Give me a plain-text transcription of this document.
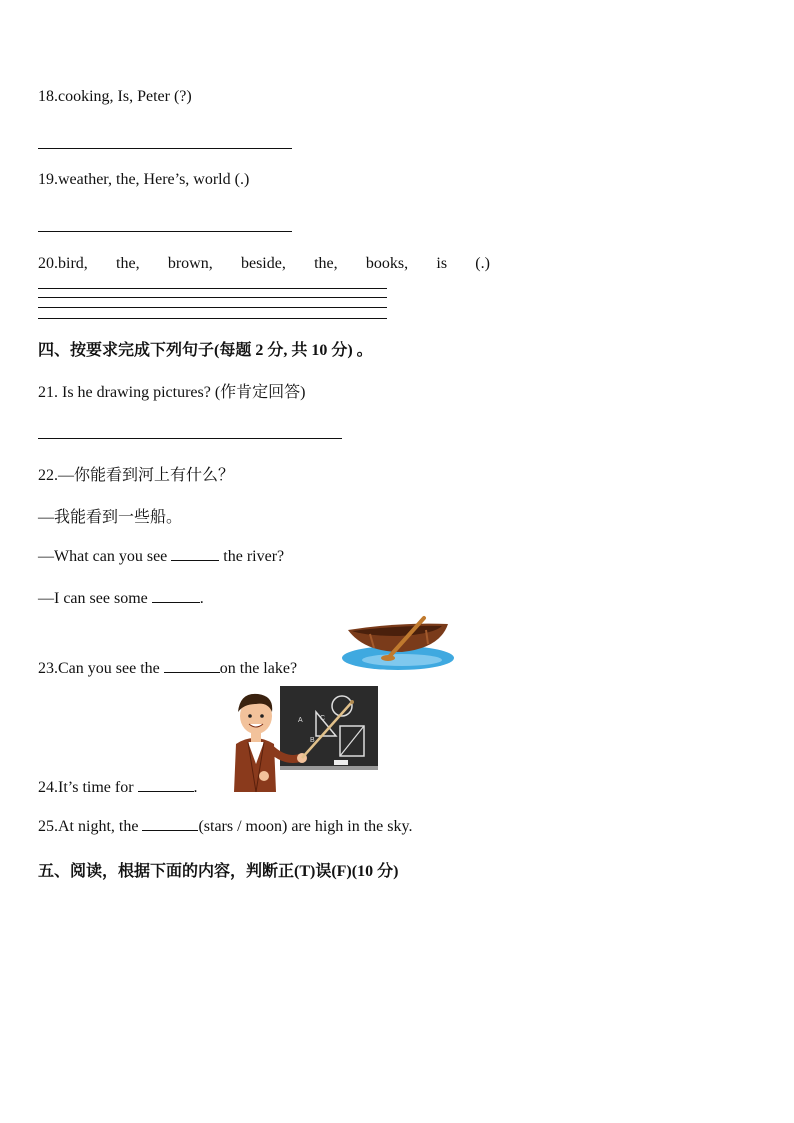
18.cooking, Is, Peter (?)
19.weather, the, Here’s, world (.)
20.bird, the, brown, beside, the, books, is (.)
四、按要求完成下列句子(每题 2 分, 共 10 分) 。
21. Is he drawing pictures? (作肯定回答)
22.—你能看到河上有什么？
—我能看到一些船。
—What can you see	the river?
—I can see some	.
23.Can you see the	on the lake?
A C
B
24.It’s time for	.
25.At night, the	(stars / moon) are high in the sky.
五、阅读，根据下面的内容，判断正(T)误(F)(10 分)
